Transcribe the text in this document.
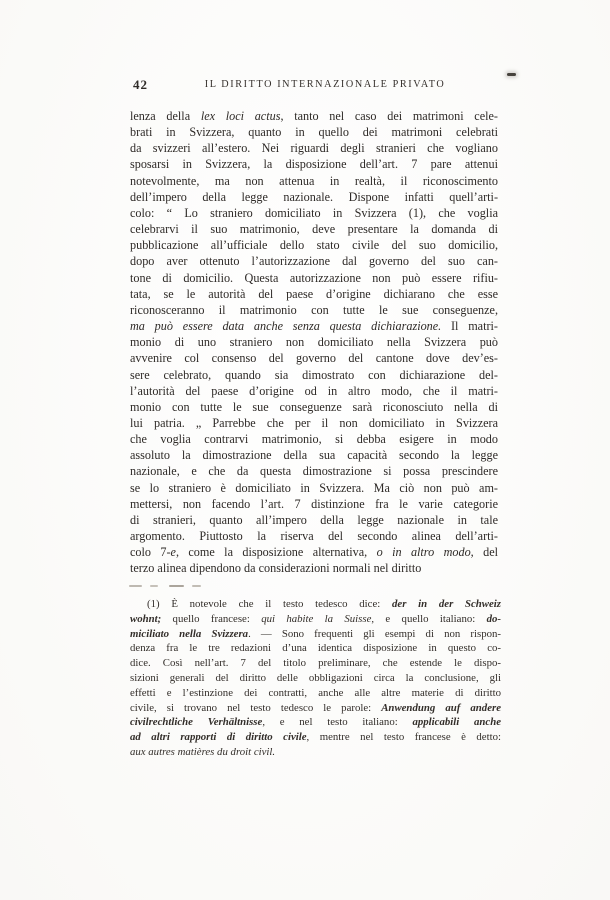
42	IL DIRITTO INTERNAZIONALE PRIVATO
lenza della lex loci actus, tanto nel caso dei matrimoni cele-
brati in Svizzera, quanto in quello dei matrimoni celebrati
da svizzeri all’estero. Nei riguardi degli stranieri che vogliano
sposarsi in Svizzera, la disposizione dell’art. 7 pare attenui
notevolmente, ma non attenua in realtà, il riconoscimento
dell’impero della legge nazionale. Dispone infatti quell’arti-
colo: “ Lo straniero domiciliato in Svizzera (1), che voglia
celebrarvi il suo matrimonio, deve presentare la domanda di
pubblicazione all’ufficiale dello stato civile del suo domicilio,
dopo aver ottenuto l’autorizzazione dal governo del suo can-
tone di domicilio. Questa autorizzazione non può essere rifiu-
tata, se le autorità del paese d’origine dichiarano che esse
riconosceranno il matrimonio con tutte le sue conseguenze,
ma può essere data anche senza questa dichiarazione. Il matri-
monio di uno straniero non domiciliato nella Svizzera può
avvenire col consenso del governo del cantone dove dev’es-
sere celebrato, quando sia dimostrato con dichiarazione del-
l’autorità del paese d’origine od in altro modo, che il matri-
monio con tutte le sue conseguenze sarà riconosciuto nella di
lui patria. „ Parrebbe che per il non domiciliato in Svizzera
che voglia contrarvi matrimonio, si debba esigere in modo
assoluto la dimostrazione della sua capacità secondo la legge
nazionale, e che da questa dimostrazione si possa prescindere
se lo straniero è domiciliato in Svizzera. Ma ciò non può am-
mettersi, non facendo l’art. 7 distinzione fra le varie categorie
di stranieri, quanto all’impero della legge nazionale in tale
argomento. Piuttosto la riserva del secondo alinea dell’arti-
colo 7-e, come la disposizione alternativa, o in altro modo, del
terzo alinea dipendono da considerazioni normali nel diritto
(1) È notevole che il testo tedesco dice: der in der Schweiz
wohnt; quello francese: qui habite la Suisse, e quello italiano: do-
miciliato nella Svizzera. — Sono frequenti gli esempi di non rispon-
denza fra le tre redazioni d’una identica disposizione in questo co-
dice. Così nell’art. 7 del titolo preliminare, che estende le dispo-
sizioni generali del diritto delle obbligazioni circa la conclusione, gli
effetti e l’estinzione dei contratti, anche alle altre materie di diritto
civile, si trovano nel testo tedesco le parole: Anwendung auf andere
civilrechtliche Verhältnisse, e nel testo italiano: applicabili anche
ad altri rapporti di diritto civile, mentre nel testo francese è detto:
aux autres matières du droit civil.
